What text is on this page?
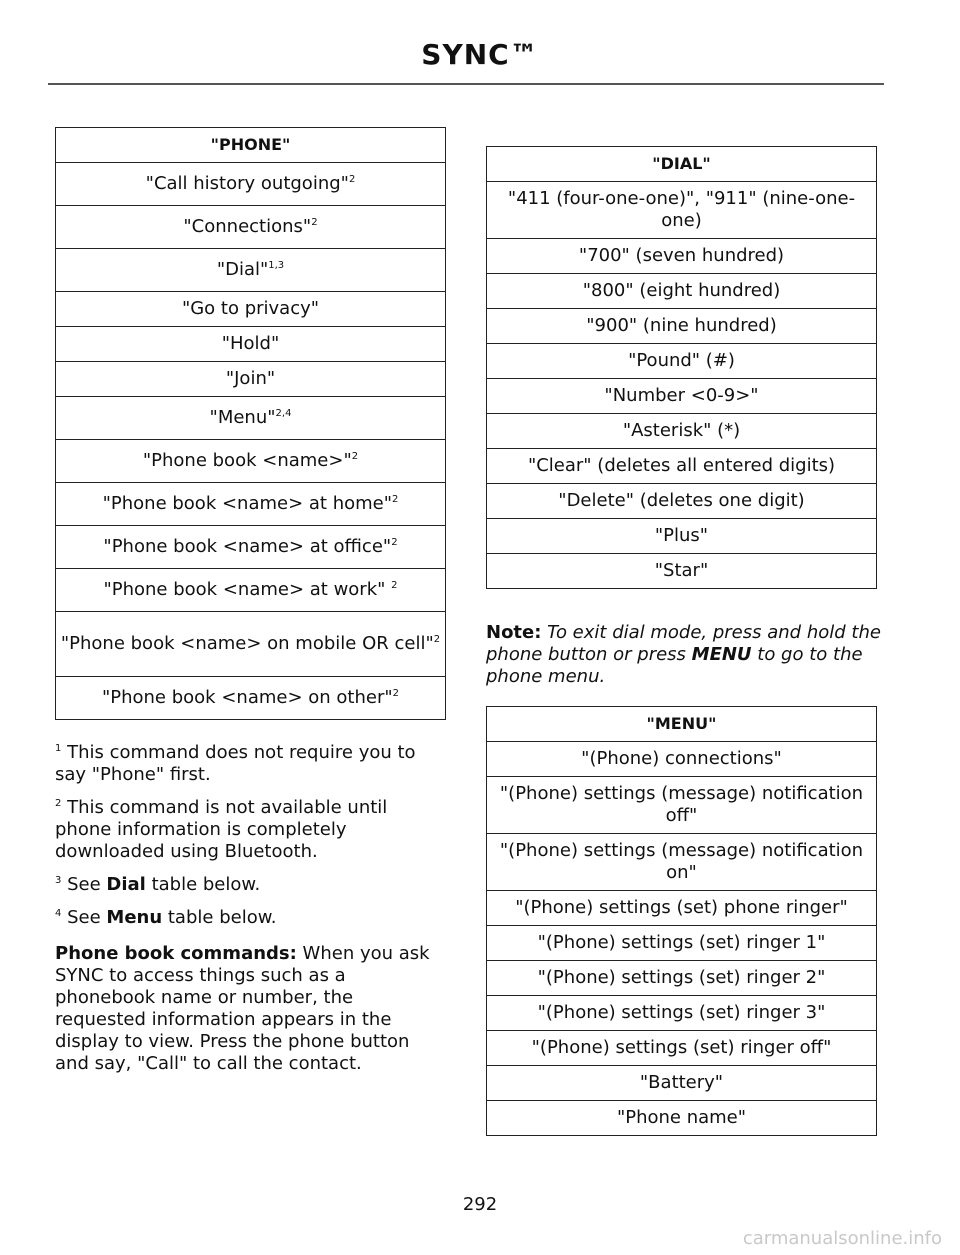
SYNC™
"PHONE"
"Call history outgoing"$^2$
"Connections"$^2$
"Dial"$^{1,3}$
"Go to privacy"
"Hold"
"Join"
"Menu"$^{2,4}$
"Phone book <name>"$^2$
"Phone book <name> at home"$^2$
"Phone book <name> at office"$^2$
"Phone book <name> at work" $^2$
"Phone book <name> on mobile OR cell"$^2$
"Phone book <name> on other"$^2$

$^1$ This command does not require you to say "Phone" first.

$^2$ This command is not available until phone information is completely downloaded using Bluetooth.

$^3$ See Dial table below.

$^4$ See Menu table below.

Phone book commands: When you ask SYNC to access things such as a phonebook name or number, the requested information appears in the display to view. Press the phone button and say, "Call" to call the contact.

"DIAL"
"411 (four-one-one)", "911" (nine-one-one)
"700" (seven hundred)
"800" (eight hundred)
"900" (nine hundred)
"Pound" (#)
"Number <0-9>"
"Asterisk" (*)
"Clear" (deletes all entered digits)
"Delete" (deletes one digit)
"Plus"
"Star"
Note: To exit dial mode, press and hold the phone button or press MENU to go to the phone menu.
"MENU"
"(Phone) connections"
"(Phone) settings (message) notification off"
"(Phone) settings (message) notification on"
"(Phone) settings (set) phone ringer"
"(Phone) settings (set) ringer 1"
"(Phone) settings (set) ringer 2"
"(Phone) settings (set) ringer 3"
"(Phone) settings (set) ringer off"
"Battery"
"Phone name"
292
carmanualsonline.info
